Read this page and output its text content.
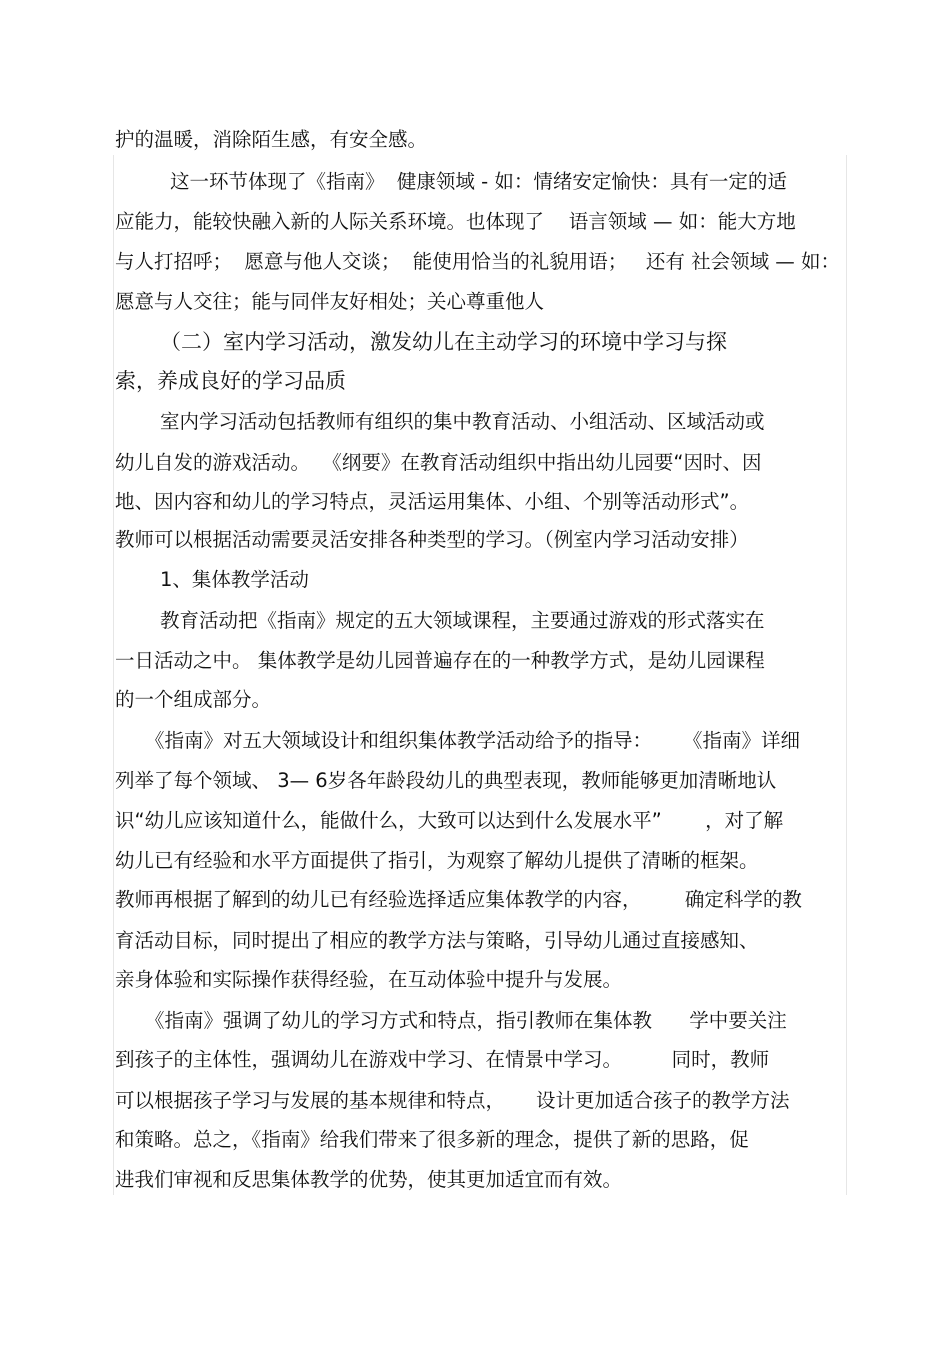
护的温暖，消除陌生感，有安全感。
这一环节体现了《指南》  健康领域 - 如：情绪安定愉快：具有一定的适
应能力，能较快融入新的人际关系环境。也体现了    语言领域 — 如：能大方地
与人打招呼；  愿意与他人交谈；  能使用恰当的礼貌用语；   还有 社会领域 — 如：
愿意与人交往；能与同伴友好相处；关心尊重他人
（二）室内学习活动，激发幼儿在主动学习的环境中学习与探
索，养成良好的学习品质
室内学习活动包括教师有组织的集中教育活动、小组活动、区域活动或
幼儿自发的游戏活动。  《纲要》在教育活动组织中指出幼儿园要“因时、因
地、因内容和幼儿的学习特点，灵活运用集体、小组、个别等活动形式”。
教师可以根据活动需要灵活安排各种类型的学习。（例室内学习活动安排）
1、集体教学活动
教育活动把《指南》规定的五大领域课程，主要通过游戏的形式落实在
一日活动之中。 集体教学是幼儿园普遍存在的一种教学方式，是幼儿园课程
的一个组成部分。
《指南》对五大领域设计和组织集体教学活动给予的指导：     《指南》详细
列举了每个领域、 3— 6岁各年龄段幼儿的典型表现，教师能够更加清晰地认
识“幼儿应该知道什么，能做什么，大致可以达到什么发展水平”       ，对了解
幼儿已有经验和水平方面提供了指引，为观察了解幼儿提供了清晰的框架。
教师再根据了解到的幼儿已有经验选择适应集体教学的内容，       确定科学的教
育活动目标，同时提出了相应的教学方法与策略，引导幼儿通过直接感知、
亲身体验和实际操作获得经验，在互动体验中提升与发展。
《指南》强调了幼儿的学习方式和特点，指引教师在集体教      学中要关注
到孩子的主体性，强调幼儿在游戏中学习、在情景中学习。        同时，教师
可以根据孩子学习与发展的基本规律和特点，     设计更加适合孩子的教学方法
和策略。总之，《指南》给我们带来了很多新的理念，提供了新的思路，促
进我们审视和反思集体教学的优势，使其更加适宜而有效。
